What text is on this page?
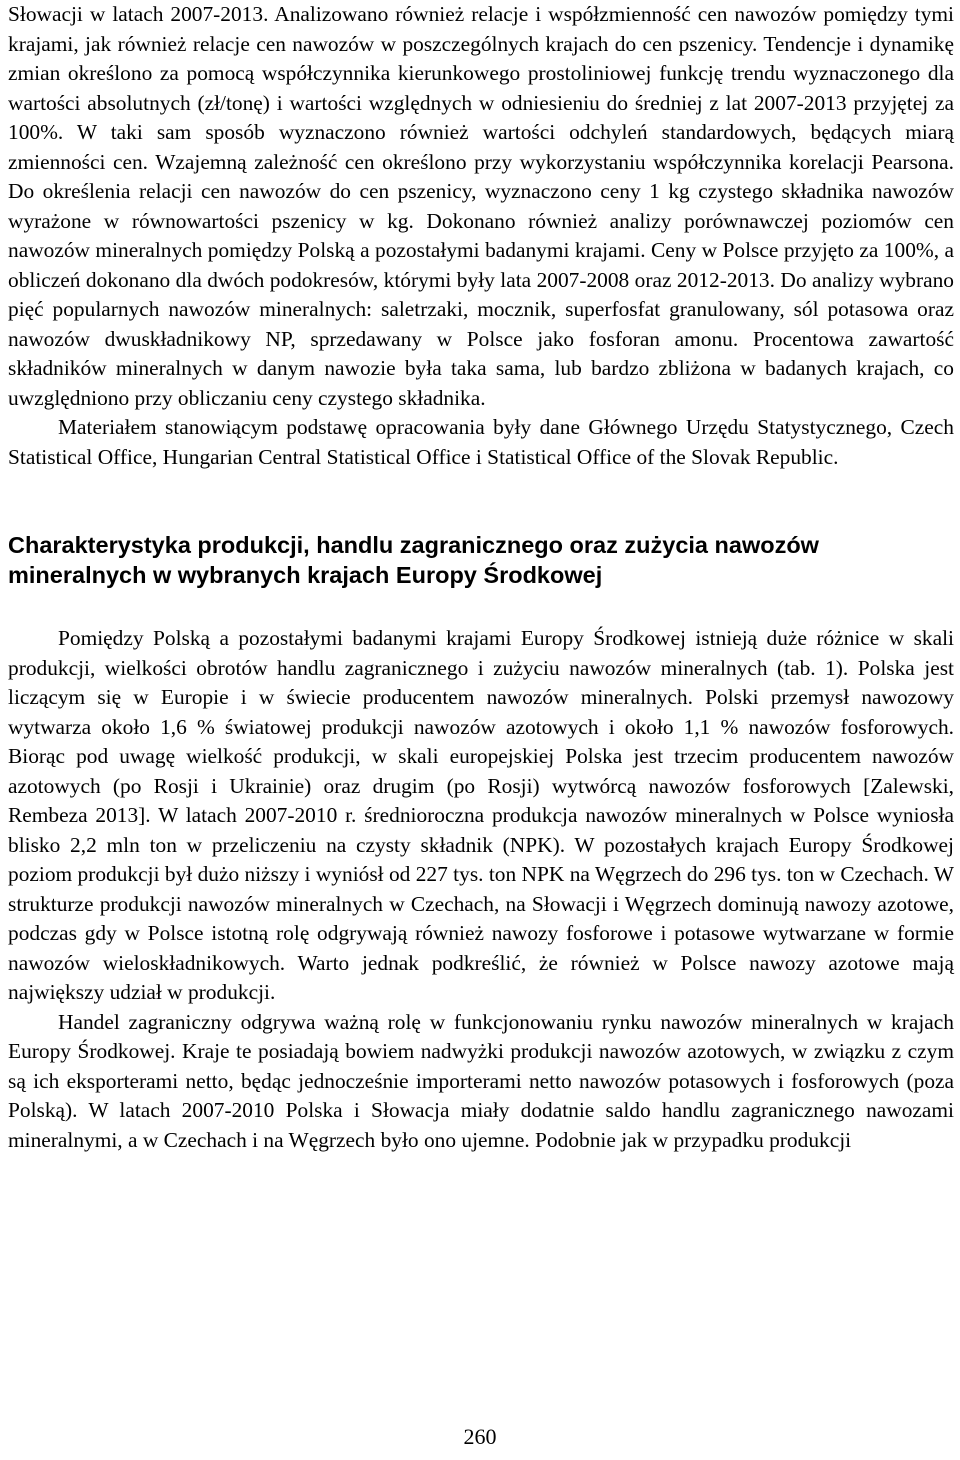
Słowacji w latach 2007-2013. Analizowano również relacje i współzmienność cen nawozów pomiędzy tymi krajami, jak również relacje cen nawozów w poszczególnych krajach do cen pszenicy. Tendencje i dynamikę zmian określono za pomocą współczynnika kierunkowego prostoliniowej funkcję trendu wyznaczonego dla wartości absolutnych (zł/tonę) i wartości względnych w odniesieniu do średniej z lat 2007-2013 przyjętej za 100%. W taki sam sposób wyznaczono również wartości odchyleń standardowych, będących miarą zmienności cen. Wzajemną zależność cen określono przy wykorzystaniu współczynnika korelacji Pearsona. Do określenia relacji cen nawozów do cen pszenicy, wyznaczono ceny 1 kg czystego składnika nawozów wyrażone w równowartości pszenicy w kg. Dokonano również analizy porównawczej poziomów cen nawozów mineralnych pomiędzy Polską a pozostałymi badanymi krajami. Ceny w Polsce przyjęto za 100%, a obliczeń dokonano dla dwóch podokresów, którymi były lata 2007-2008 oraz 2012-2013. Do analizy wybrano pięć popularnych nawozów mineralnych: saletrzaki, mocznik, superfosfat granulowany, sól potasowa oraz nawozów dwuskładnikowy NP, sprzedawany w Polsce jako fosforan amonu. Procentowa zawartość składników mineralnych w danym nawozie była taka sama, lub bardzo zbliżona w badanych krajach, co uwzględniono przy obliczaniu ceny czystego składnika.

Materiałem stanowiącym podstawę opracowania były dane Głównego Urzędu Statystycznego, Czech Statistical Office, Hungarian Central Statistical Office i Statistical Office of the Slovak Republic.

Charakterystyka produkcji, handlu zagranicznego oraz zużycia nawozów mineralnych w wybranych krajach Europy Środkowej

Pomiędzy Polską a pozostałymi badanymi krajami Europy Środkowej istnieją duże różnice w skali produkcji, wielkości obrotów handlu zagranicznego i zużyciu nawozów mineralnych (tab. 1). Polska jest liczącym się w Europie i w świecie producentem nawozów mineralnych. Polski przemysł nawozowy wytwarza około 1,6 % światowej produkcji nawozów azotowych i około 1,1 % nawozów fosforowych. Biorąc pod uwagę wielkość produkcji, w skali europejskiej Polska jest trzecim producentem nawozów azotowych (po Rosji i Ukrainie) oraz drugim (po Rosji) wytwórcą nawozów fosforowych [Zalewski, Rembeza 2013]. W latach 2007-2010 r. średnioroczna produkcja nawozów mineralnych w Polsce wyniosła blisko 2,2 mln ton w przeliczeniu na czysty składnik (NPK). W pozostałych krajach Europy Środkowej poziom produkcji był dużo niższy i wyniósł od 227 tys. ton NPK na Węgrzech do 296 tys. ton w Czechach. W strukturze produkcji nawozów mineralnych w Czechach, na Słowacji i Węgrzech dominują nawozy azotowe, podczas gdy w Polsce istotną rolę odgrywają również nawozy fosforowe i potasowe wytwarzane w formie nawozów wieloskładnikowych. Warto jednak podkreślić, że również w Polsce nawozy azotowe mają największy udział w produkcji.

Handel zagraniczny odgrywa ważną rolę w funkcjonowaniu rynku nawozów mineralnych w krajach Europy Środkowej. Kraje te posiadają bowiem nadwyżki produkcji nawozów azotowych, w związku z czym są ich eksporterami netto, będąc jednocześnie importerami netto nawozów potasowych i fosforowych (poza Polską). W latach 2007-2010 Polska i Słowacja miały dodatnie saldo handlu zagranicznego nawozami mineralnymi, a w Czechach i na Węgrzech było ono ujemne. Podobnie jak w przypadku produkcji

260
